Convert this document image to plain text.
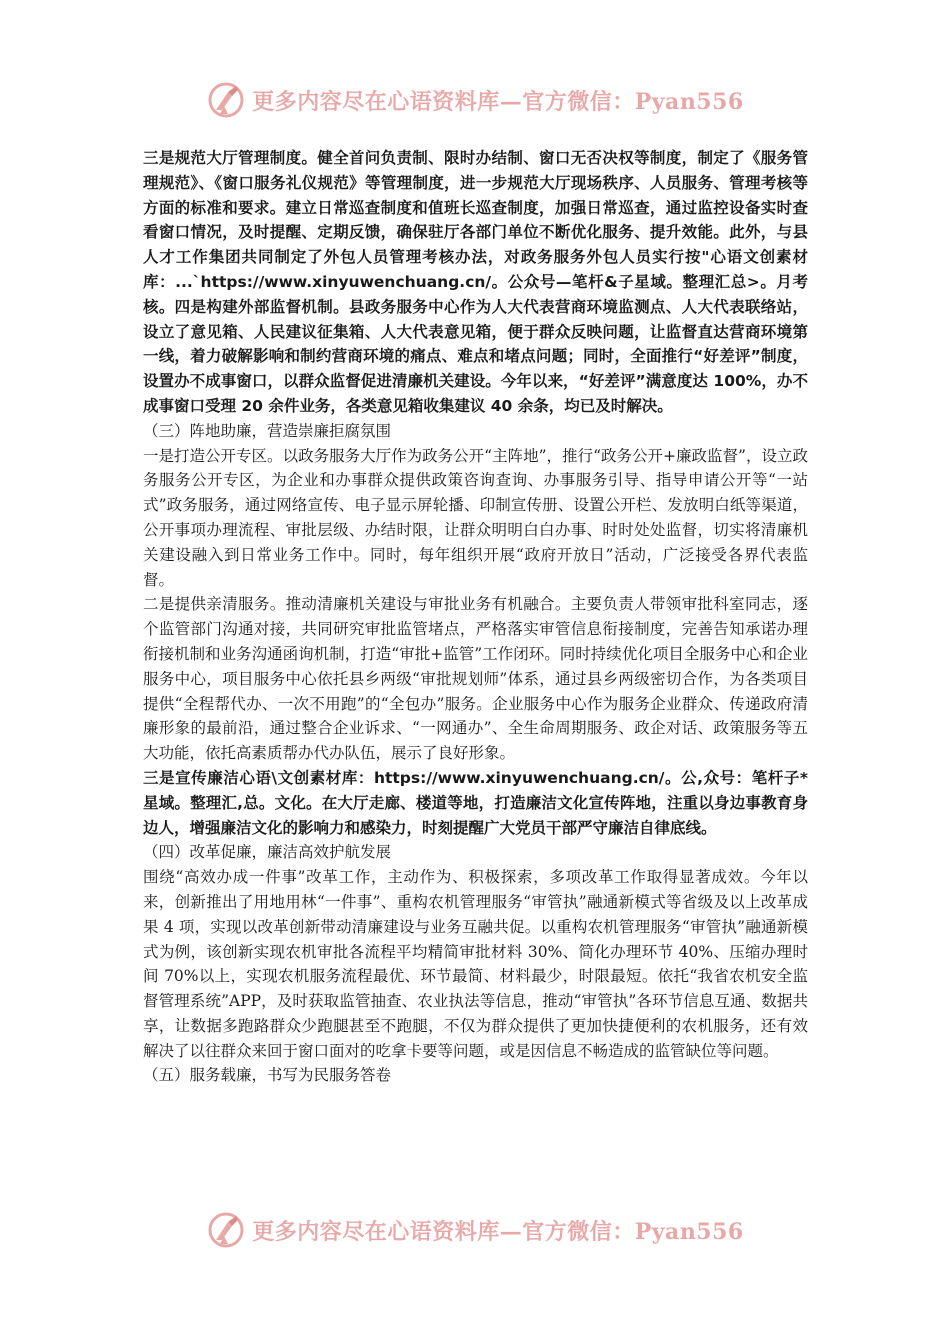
更多内容尽在心语资料库—官方微信：Pyan556

三是规范大厅管理制度。健全首问负责制、限时办结制、窗口无否决权等制度，制定了《服务管理规范》、《窗口服务礼仪规范》等管理制度，进一步规范大厅现场秩序、人员服务、管理考核等方面的标准和要求。建立日常巡查制度和值班长巡查制度，加强日常巡查，通过监控设备实时查看窗口情况，及时提醒、定期反馈，确保驻厅各部门单位不断优化服务、提升效能。此外，与县人才工作集团共同制定了外包人员管理考核办法，对政务服务外包人员实行按"心语文创素材库：...`https://www.xinyuwenchuang.cn/。公众号—笔杆&子星域。整理汇总>。月考核。四是构建外部监督机制。县政务服务中心作为人大代表营商环境监测点、人大代表联络站，设立了意见箱、人民建议征集箱、人大代表意见箱，便于群众反映问题，让监督直达营商环境第一线，着力破解影响和制约营商环境的痛点、难点和堵点问题；同时，全面推行“好差评”制度，设置办不成事窗口，以群众监督促进清廉机关建设。今年以来，“好差评”满意度达 100%，办不成事窗口受理 20 余件业务，各类意见箱收集建议 40 余条，均已及时解决。

（三）阵地助廉，营造崇廉拒腐氛围

一是打造公开专区。以政务服务大厅作为政务公开“主阵地”，推行“政务公开+廉政监督”，设立政务服务公开专区，为企业和办事群众提供政策咨询查询、办事服务引导、指导申请公开等“一站式”政务服务，通过网络宣传、电子显示屏轮播、印制宣传册、设置公开栏、发放明白纸等渠道，公开事项办理流程、审批层级、办结时限，让群众明明白白办事、时时处处监督，切实将清廉机关建设融入到日常业务工作中。同时，每年组织开展“政府开放日”活动，广泛接受各界代表监督。

二是提供亲清服务。推动清廉机关建设与审批业务有机融合。主要负责人带领审批科室同志，逐个监管部门沟通对接，共同研究审批监管堵点，严格落实审管信息衔接制度，完善告知承诺办理衔接机制和业务沟通函询机制，打造“审批+监管”工作闭环。同时持续优化项目全服务中心和企业服务中心，项目服务中心依托县乡两级“审批规划师”体系，通过县乡两级密切合作，为各类项目提供“全程帮代办、一次不用跑”的“全包办”服务。企业服务中心作为服务企业群众、传递政府清廉形象的最前沿，通过整合企业诉求、“一网通办”、全生命周期服务、政企对话、政策服务等五大功能，依托高素质帮办代办队伍，展示了良好形象。

三是宣传廉洁心语\文创素材库：https://www.xinyuwenchuang.cn/。公,众号：笔杆子*星域。整理汇,总。文化。在大厅走廊、楼道等地，打造廉洁文化宣传阵地，注重以身边事教育身边人，增强廉洁文化的影响力和感染力，时刻提醒广大党员干部严守廉洁自律底线。

（四）改革促廉，廉洁高效护航发展

围绕“高效办成一件事”改革工作，主动作为、积极探索，多项改革工作取得显著成效。今年以来，创新推出了用地用林“一件事”、重构农机管理服务“审管执”融通新模式等省级及以上改革成果 4 项，实现以改革创新带动清廉建设与业务互融共促。以重构农机管理服务“审管执”融通新模式为例，该创新实现农机审批各流程平均精简审批材料 30%、简化办理环节 40%、压缩办理时间 70%以上，实现农机服务流程最优、环节最简、材料最少，时限最短。依托“我省农机安全监督管理系统”APP，及时获取监管抽查、农业执法等信息，推动“审管执”各环节信息互通、数据共享，让数据多跑路群众少跑腿甚至不跑腿，不仅为群众提供了更加快捷便利的农机服务，还有效解决了以往群众来回于窗口面对的吃拿卡要等问题，或是因信息不畅造成的监管缺位等问题。

（五）服务载廉，书写为民服务答卷

更多内容尽在心语资料库—官方微信：Pyan556
